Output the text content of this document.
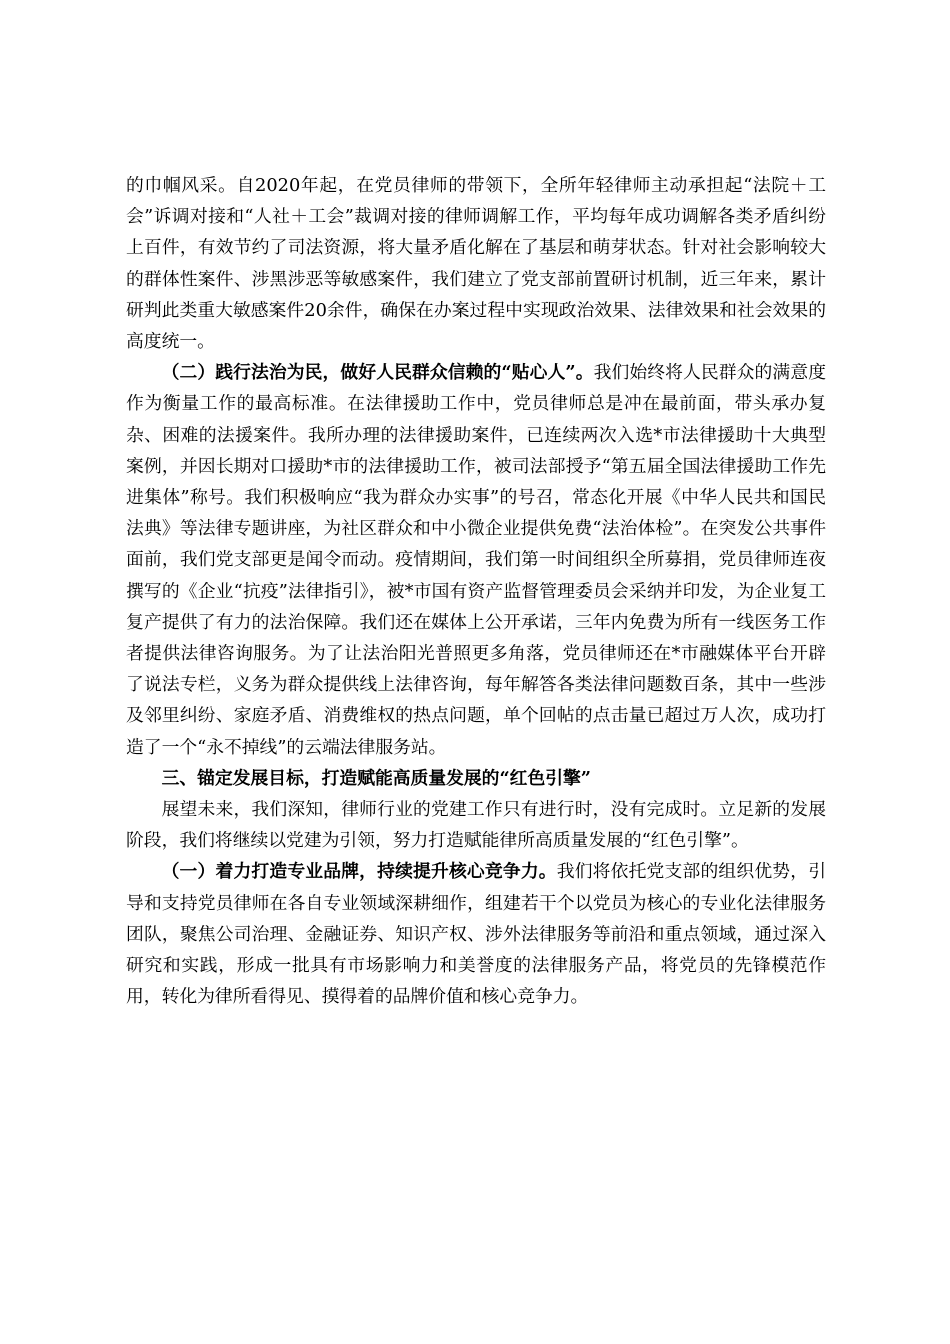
的巾帼风采。自2020年起，在党员律师的带领下，全所年轻律师主动承担起“法院＋工会”诉调对接和“人社＋工会”裁调对接的律师调解工作，平均每年成功调解各类矛盾纠纷上百件，有效节约了司法资源，将大量矛盾化解在了基层和萌芽状态。针对社会影响较大的群体性案件、涉黑涉恶等敏感案件，我们建立了党支部前置研讨机制，近三年来，累计研判此类重大敏感案件20余件，确保在办案过程中实现政治效果、法律效果和社会效果的高度统一。

（二）践行法治为民，做好人民群众信赖的“贴心人”。我们始终将人民群众的满意度作为衡量工作的最高标准。在法律援助工作中，党员律师总是冲在最前面，带头承办复杂、困难的法援案件。我所办理的法律援助案件，已连续两次入选*市法律援助十大典型案例，并因长期对口援助*市的法律援助工作，被司法部授予“第五届全国法律援助工作先进集体”称号。我们积极响应“我为群众办实事”的号召，常态化开展《中华人民共和国民法典》等法律专题讲座，为社区群众和中小微企业提供免费“法治体检”。在突发公共事件面前，我们党支部更是闻令而动。疫情期间，我们第一时间组织全所募捐，党员律师连夜撰写的《企业“抗疫”法律指引》，被*市国有资产监督管理委员会采纳并印发，为企业复工复产提供了有力的法治保障。我们还在媒体上公开承诺，三年内免费为所有一线医务工作者提供法律咨询服务。为了让法治阳光普照更多角落，党员律师还在*市融媒体平台开辟了说法专栏，义务为群众提供线上法律咨询，每年解答各类法律问题数百条，其中一些涉及邻里纠纷、家庭矛盾、消费维权的热点问题，单个回帖的点击量已超过万人次，成功打造了一个“永不掉线”的云端法律服务站。

三、锚定发展目标，打造赋能高质量发展的“红色引擎”

展望未来，我们深知，律师行业的党建工作只有进行时，没有完成时。立足新的发展阶段，我们将继续以党建为引领，努力打造赋能律所高质量发展的“红色引擎”。

（一）着力打造专业品牌，持续提升核心竞争力。我们将依托党支部的组织优势，引导和支持党员律师在各自专业领域深耕细作，组建若干个以党员为核心的专业化法律服务团队，聚焦公司治理、金融证券、知识产权、涉外法律服务等前沿和重点领域，通过深入研究和实践，形成一批具有市场影响力和美誉度的法律服务产品，将党员的先锋模范作用，转化为律所看得见、摸得着的品牌价值和核心竞争力。
